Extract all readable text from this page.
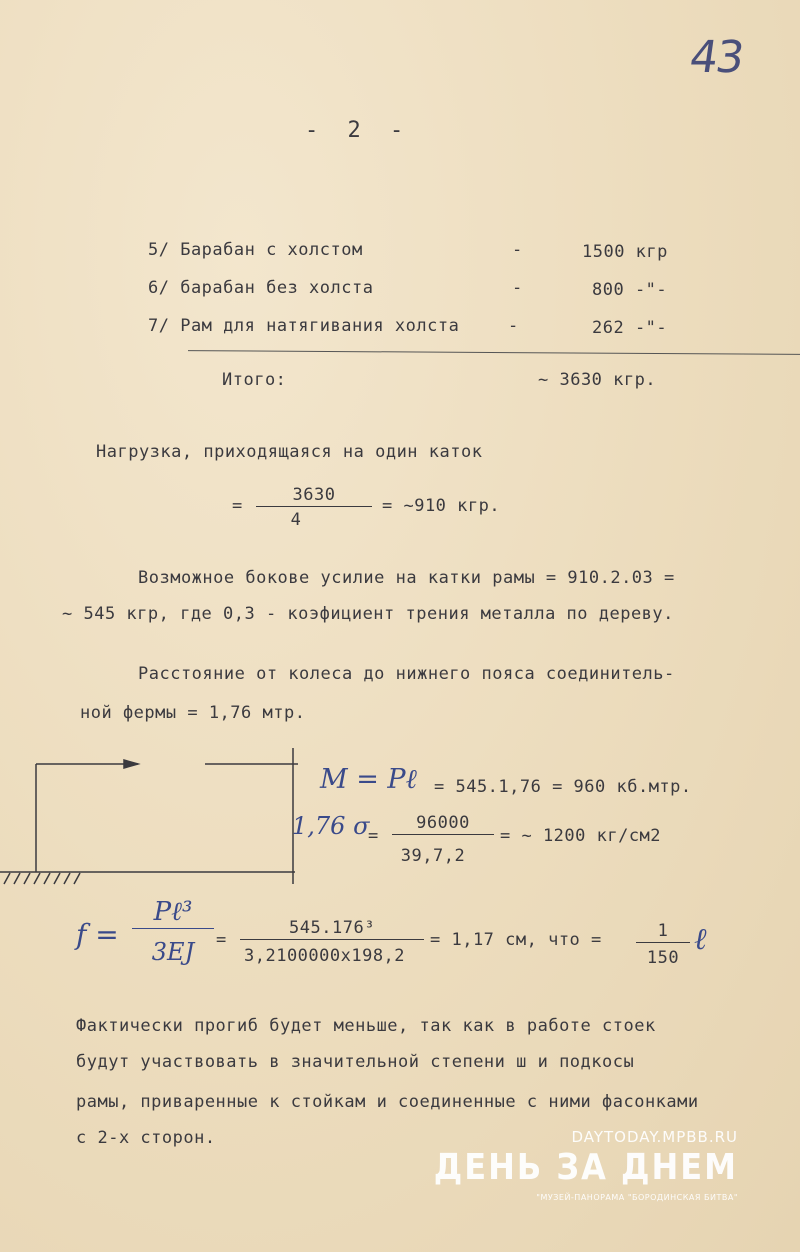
43
- 2 -
5/ Барабан с холстом	-	1500 кгр
6/ барабан без холста	-	800 -"-
7/ Рам для натягивания холста	-	262 -"-
Итого:	~ 3630 кгр.
Нагрузка, приходящаяся на один каток
=
3630
4
= ~910 кгр.
Возможное бокове усилие на катки рамы = 910.2.03 =
~ 545 кгр, где 0,3 - коэфициент трения металла по дереву.
Расстояние от колеса до нижнего пояса соединитель-
ной фермы = 1,76 мтр.
M = Pℓ = 545.1,76 = 960 кб.мтр.
1,76 σ
=
96000
39,7,2
= ~ 1200 кг/см2
f =
Pℓ³
3EJ	=
545.176³
3,2100000х198,2
= 1,17 см, что =	1
150
ℓ
Фактически прогиб будет меньше, так как в работе стоек
будут участвовать в значительной степени ш и подкосы
рамы, приваренные к стойкам и соединенные с ними фасонками
с 2-х сторон.	DAYTODAY.MPBB.RU
ДЕНЬ ЗА ДНЕМ
"МУЗЕЙ-ПАНОРАМА "БОРОДИНСКАЯ БИТВА"
